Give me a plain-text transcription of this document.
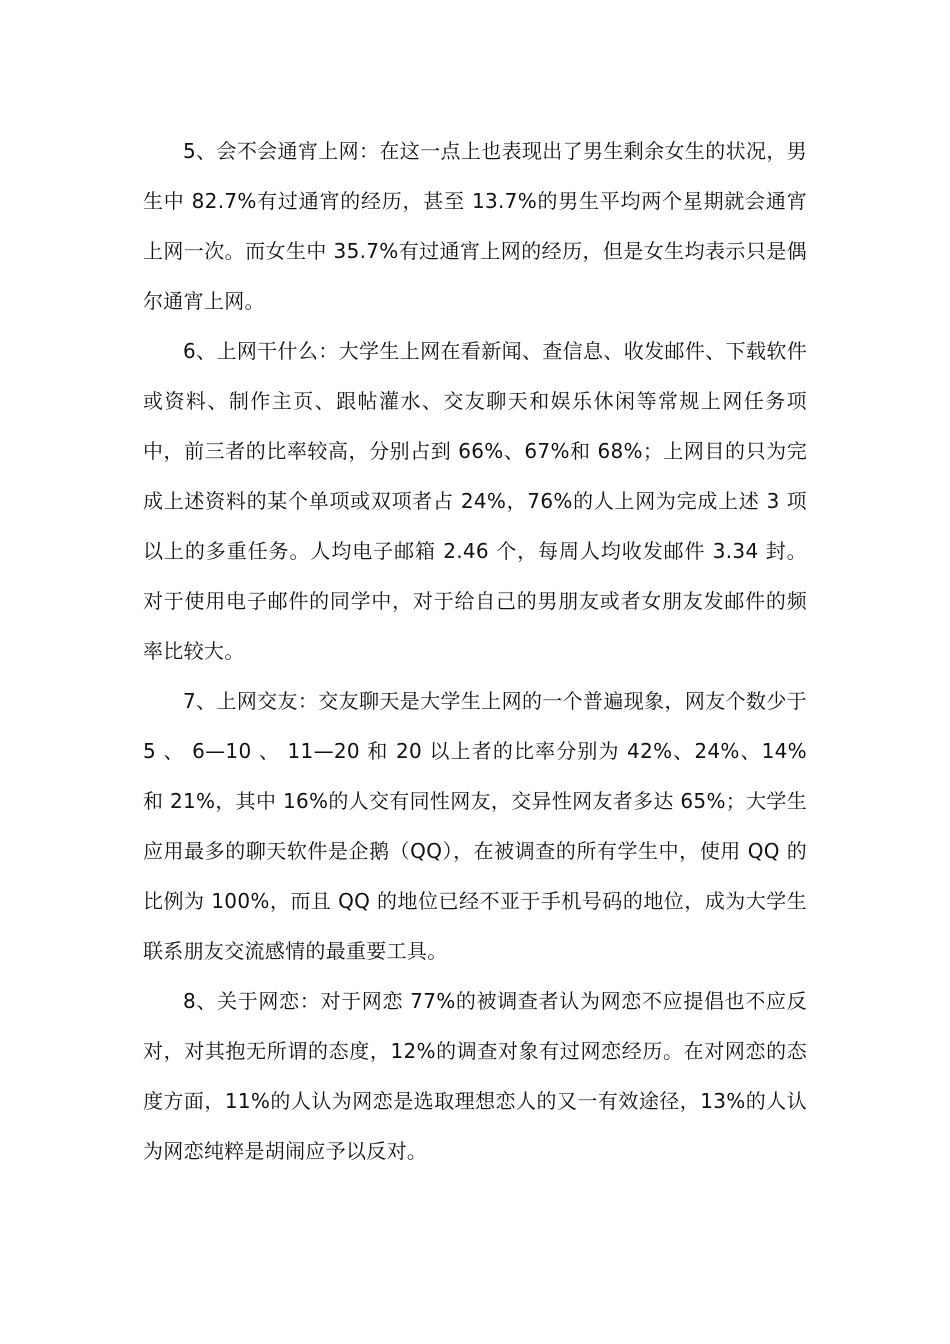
5、会不会通宵上网：在这一点上也表现出了男生剩余女生的状况，男生中 82.7%有过通宵的经历，甚至 13.7%的男生平均两个星期就会通宵上网一次。而女生中 35.7%有过通宵上网的经历，但是女生均表示只是偶尔通宵上网。

6、上网干什么：大学生上网在看新闻、查信息、收发邮件、下载软件或资料、制作主页、跟帖灌水、交友聊天和娱乐休闲等常规上网任务项中，前三者的比率较高，分别占到 66%、67%和 68%；上网目的只为完成上述资料的某个单项或双项者占 24%，76%的人上网为完成上述 3 项以上的多重任务。人均电子邮箱 2.46 个，每周人均收发邮件 3.34 封。对于使用电子邮件的同学中，对于给自己的男朋友或者女朋友发邮件的频率比较大。

7、上网交友：交友聊天是大学生上网的一个普遍现象，网友个数少于 5 、 6—10 、 11—20 和 20 以上者的比率分别为 42%、24%、14%和 21%，其中 16%的人交有同性网友，交异性网友者多达 65%；大学生应用最多的聊天软件是企鹅（QQ），在被调查的所有学生中，使用 QQ 的比例为 100%，而且 QQ 的地位已经不亚于手机号码的地位，成为大学生联系朋友交流感情的最重要工具。

8、关于网恋：对于网恋 77%的被调查者认为网恋不应提倡也不应反对，对其抱无所谓的态度，12%的调查对象有过网恋经历。在对网恋的态度方面，11%的人认为网恋是选取理想恋人的又一有效途径，13%的人认为网恋纯粹是胡闹应予以反对。
